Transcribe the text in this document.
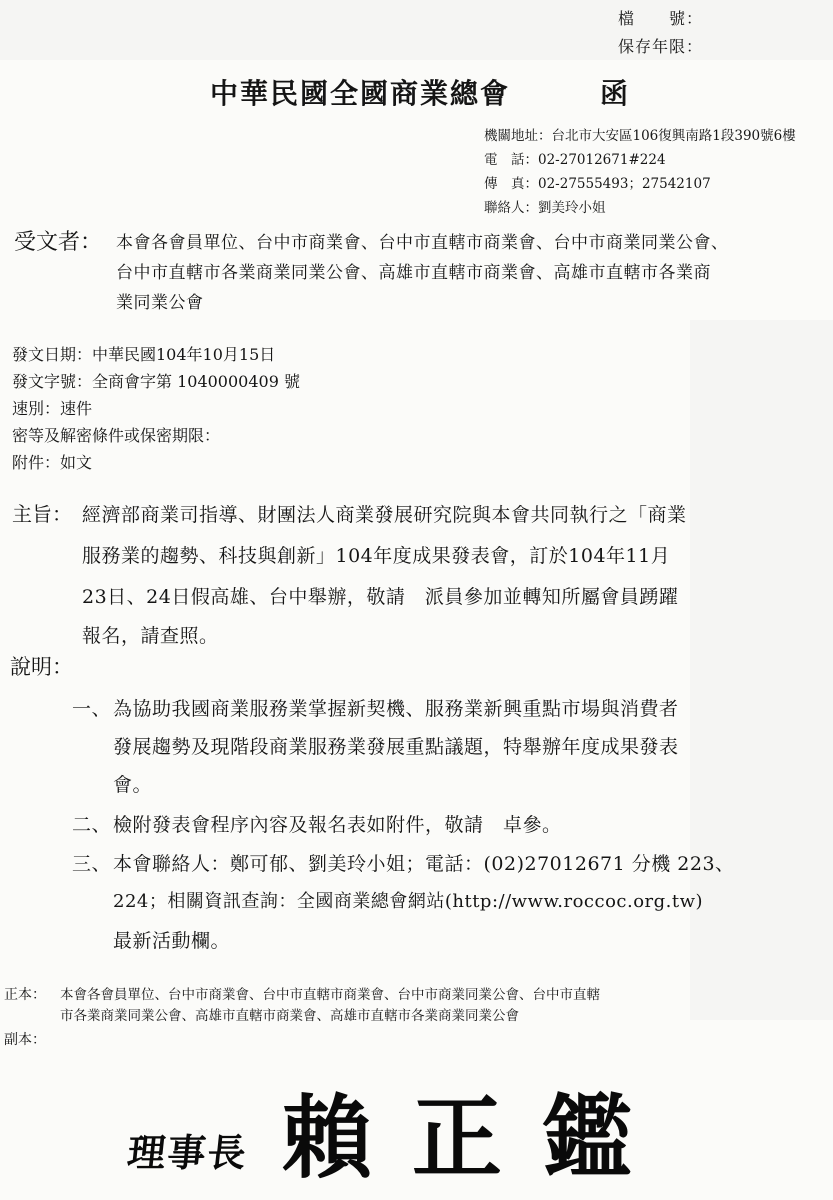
檔　　號：
保存年限：
中華民國全國商業總會	函
機關地址：台北市大安區106復興南路1段390號6樓
電　話：02-27012671#224
傳　真：02-27555493；27542107
聯絡人：劉美玲小姐
受文者： 本會各會員單位、台中市商業會、台中市直轄市商業會、台中市商業同業公會、
台中市直轄市各業商業同業公會、高雄市直轄市商業會、高雄市直轄市各業商
業同業公會
發文日期：中華民國104年10月15日
發文字號：全商會字第 1040000409 號
速別：速件
密等及解密條件或保密期限：
附件：如文
主旨： 經濟部商業司指導、財團法人商業發展研究院與本會共同執行之「商業
服務業的趨勢、科技與創新」104年度成果發表會，訂於104年11月
23日、24日假高雄、台中舉辦，敬請　派員參加並轉知所屬會員踴躍
報名，請查照。
說明：
一、 為協助我國商業服務業掌握新契機、服務業新興重點市場與消費者
發展趨勢及現階段商業服務業發展重點議題，特舉辦年度成果發表
會。
二、 檢附發表會程序內容及報名表如附件，敬請　卓參。
三、 本會聯絡人：鄭可郁、劉美玲小姐；電話：(02)27012671 分機 223、
224；相關資訊查詢：全國商業總會網站(http://www.roccoc.org.tw)
最新活動欄。
正本： 本會各會員單位、台中市商業會、台中市直轄市商業會、台中市商業同業公會、台中市直轄
市各業商業同業公會、高雄市直轄市商業會、高雄市直轄市各業商業同業公會
副本：
理事長 賴正鑑
